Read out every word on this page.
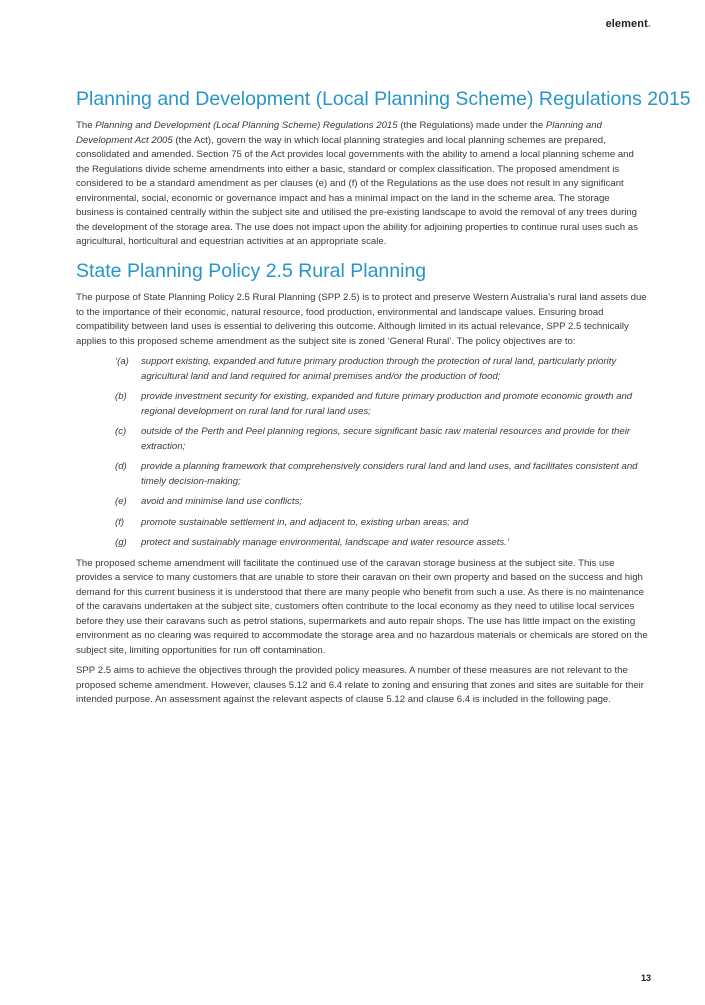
element.
Planning and Development (Local Planning Scheme) Regulations 2015

The Planning and Development (Local Planning Scheme) Regulations 2015 (the Regulations) made under the Planning and Development Act 2005 (the Act), govern the way in which local planning strategies and local planning schemes are prepared, consolidated and amended. Section 75 of the Act provides local governments with the ability to amend a local planning scheme and the Regulations divide scheme amendments into either a basic, standard or complex classification. The proposed amendment is considered to be a standard amendment as per clauses (e) and (f) of the Regulations as the use does not result in any significant environmental, social, economic or governance impact and has a minimal impact on the land in the scheme area. The storage business is contained centrally within the subject site and utilised the pre-existing landscape to avoid the removal of any trees during the development of the storage area. The use does not impact upon the ability for adjoining properties to continue rural uses such as agricultural, horticultural and equestrian activities at an appropriate scale.

State Planning Policy 2.5 Rural Planning

The purpose of State Planning Policy 2.5 Rural Planning (SPP 2.5) is to protect and preserve Western Australia’s rural land assets due to the importance of their economic, natural resource, food production, environmental and landscape values. Ensuring broad compatibility between land uses is essential to delivering this outcome. Although limited in its actual relevance, SPP 2.5 technically applies to this proposed scheme amendment as the subject site is zoned ‘General Rural’. The policy objectives are to:

‘(a)	support existing, expanded and future primary production through the protection of rural land, particularly priority agricultural land and land required for animal premises and/or the production of food;
(b)	provide investment security for existing, expanded and future primary production and promote economic growth and regional development on rural land for rural land uses;
(c)	outside of the Perth and Peel planning regions, secure significant basic raw material resources and provide for their extraction;
(d)	provide a planning framework that comprehensively considers rural land and land uses, and facilitates consistent and timely decision-making;
(e)	avoid and minimise land use conflicts;
(f)	promote sustainable settlement in, and adjacent to, existing urban areas; and
(g)	protect and sustainably manage environmental, landscape and water resource assets.’

The proposed scheme amendment will facilitate the continued use of the caravan storage business at the subject site. This use provides a service to many customers that are unable to store their caravan on their own property and based on the success and high demand for this current business it is understood that there are many people who benefit from such a use. As there is no maintenance of the caravans undertaken at the subject site, customers often contribute to the local economy as they need to utilise local services before they use their caravans such as petrol stations, supermarkets and auto repair shops. The use has little impact on the existing environment as no clearing was required to accommodate the storage area and no hazardous materials or chemicals are stored on the subject site, limiting opportunities for run off contamination.

SPP 2.5 aims to achieve the objectives through the provided policy measures. A number of these measures are not relevant to the proposed scheme amendment. However, clauses 5.12 and 6.4 relate to zoning and ensuring that zones and sites are suitable for their intended purpose. An assessment against the relevant aspects of clause 5.12 and clause 6.4 is included in the following page.

13
